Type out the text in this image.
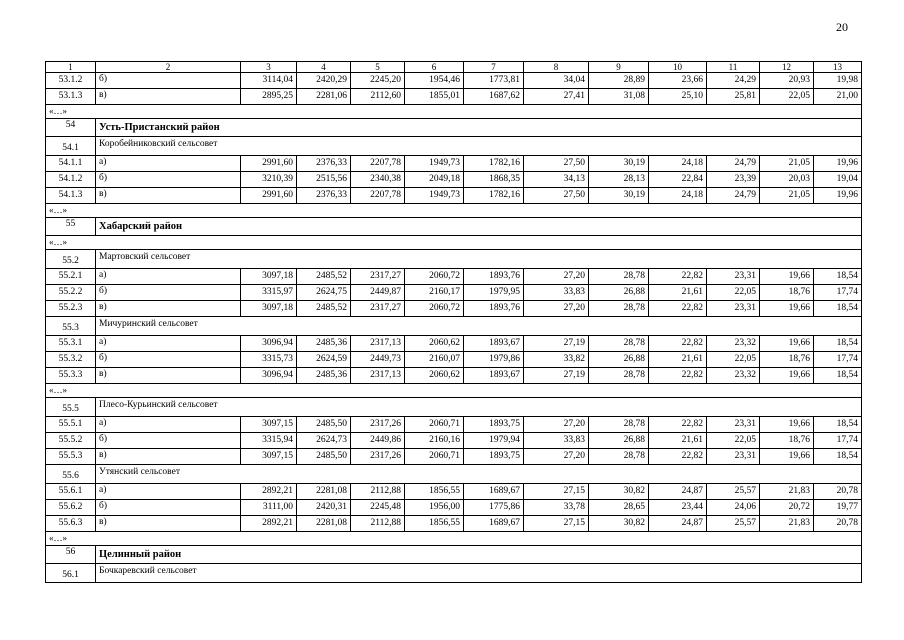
20
1	2	3	4	5	6	7	8	9	10	11	12	13
53.1.2	б)	3114,04	2420,29	2245,20	1954,46	1773,81	34,04	28,89	23,66	24,29	20,93	19,98
53.1.3	в)	2895,25	2281,06	2112,60	1855,01	1687,62	27,41	31,08	25,10	25,81	22,05	21,00
«…»												
54	Усть-Пристанский район											
54.1	Коробейниковский сельсовет											
54.1.1	а)	2991,60	2376,33	2207,78	1949,73	1782,16	27,50	30,19	24,18	24,79	21,05	19,96
54.1.2	б)	3210,39	2515,56	2340,38	2049,18	1868,35	34,13	28,13	22,84	23,39	20,03	19,04
54.1.3	в)	2991,60	2376,33	2207,78	1949,73	1782,16	27,50	30,19	24,18	24,79	21,05	19,96
«…»												
55	Хабарский район											
«…»												
55.2	Мартовский сельсовет											
55.2.1	а)	3097,18	2485,52	2317,27	2060,72	1893,76	27,20	28,78	22,82	23,31	19,66	18,54
55.2.2	б)	3315,97	2624,75	2449,87	2160,17	1979,95	33,83	26,88	21,61	22,05	18,76	17,74
55.2.3	в)	3097,18	2485,52	2317,27	2060,72	1893,76	27,20	28,78	22,82	23,31	19,66	18,54
55.3	Мичуринский сельсовет											
55.3.1	а)	3096,94	2485,36	2317,13	2060,62	1893,67	27,19	28,78	22,82	23,32	19,66	18,54
55.3.2	б)	3315,73	2624,59	2449,73	2160,07	1979,86	33,82	26,88	21,61	22,05	18,76	17,74
55.3.3	в)	3096,94	2485,36	2317,13	2060,62	1893,67	27,19	28,78	22,82	23,32	19,66	18,54
«…»												
55.5	Плесо-Курьинский сельсовет											
55.5.1	а)	3097,15	2485,50	2317,26	2060,71	1893,75	27,20	28,78	22,82	23,31	19,66	18,54
55.5.2	б)	3315,94	2624,73	2449,86	2160,16	1979,94	33,83	26,88	21,61	22,05	18,76	17,74
55.5.3	в)	3097,15	2485,50	2317,26	2060,71	1893,75	27,20	28,78	22,82	23,31	19,66	18,54
55.6	Утянский сельсовет											
55.6.1	а)	2892,21	2281,08	2112,88	1856,55	1689,67	27,15	30,82	24,87	25,57	21,83	20,78
55.6.2	б)	3111,00	2420,31	2245,48	1956,00	1775,86	33,78	28,65	23,44	24,06	20,72	19,77
55.6.3	в)	2892,21	2281,08	2112,88	1856,55	1689,67	27,15	30,82	24,87	25,57	21,83	20,78
«…»												
56	Целинный район											
56.1	Бочкаревский сельсовет											
